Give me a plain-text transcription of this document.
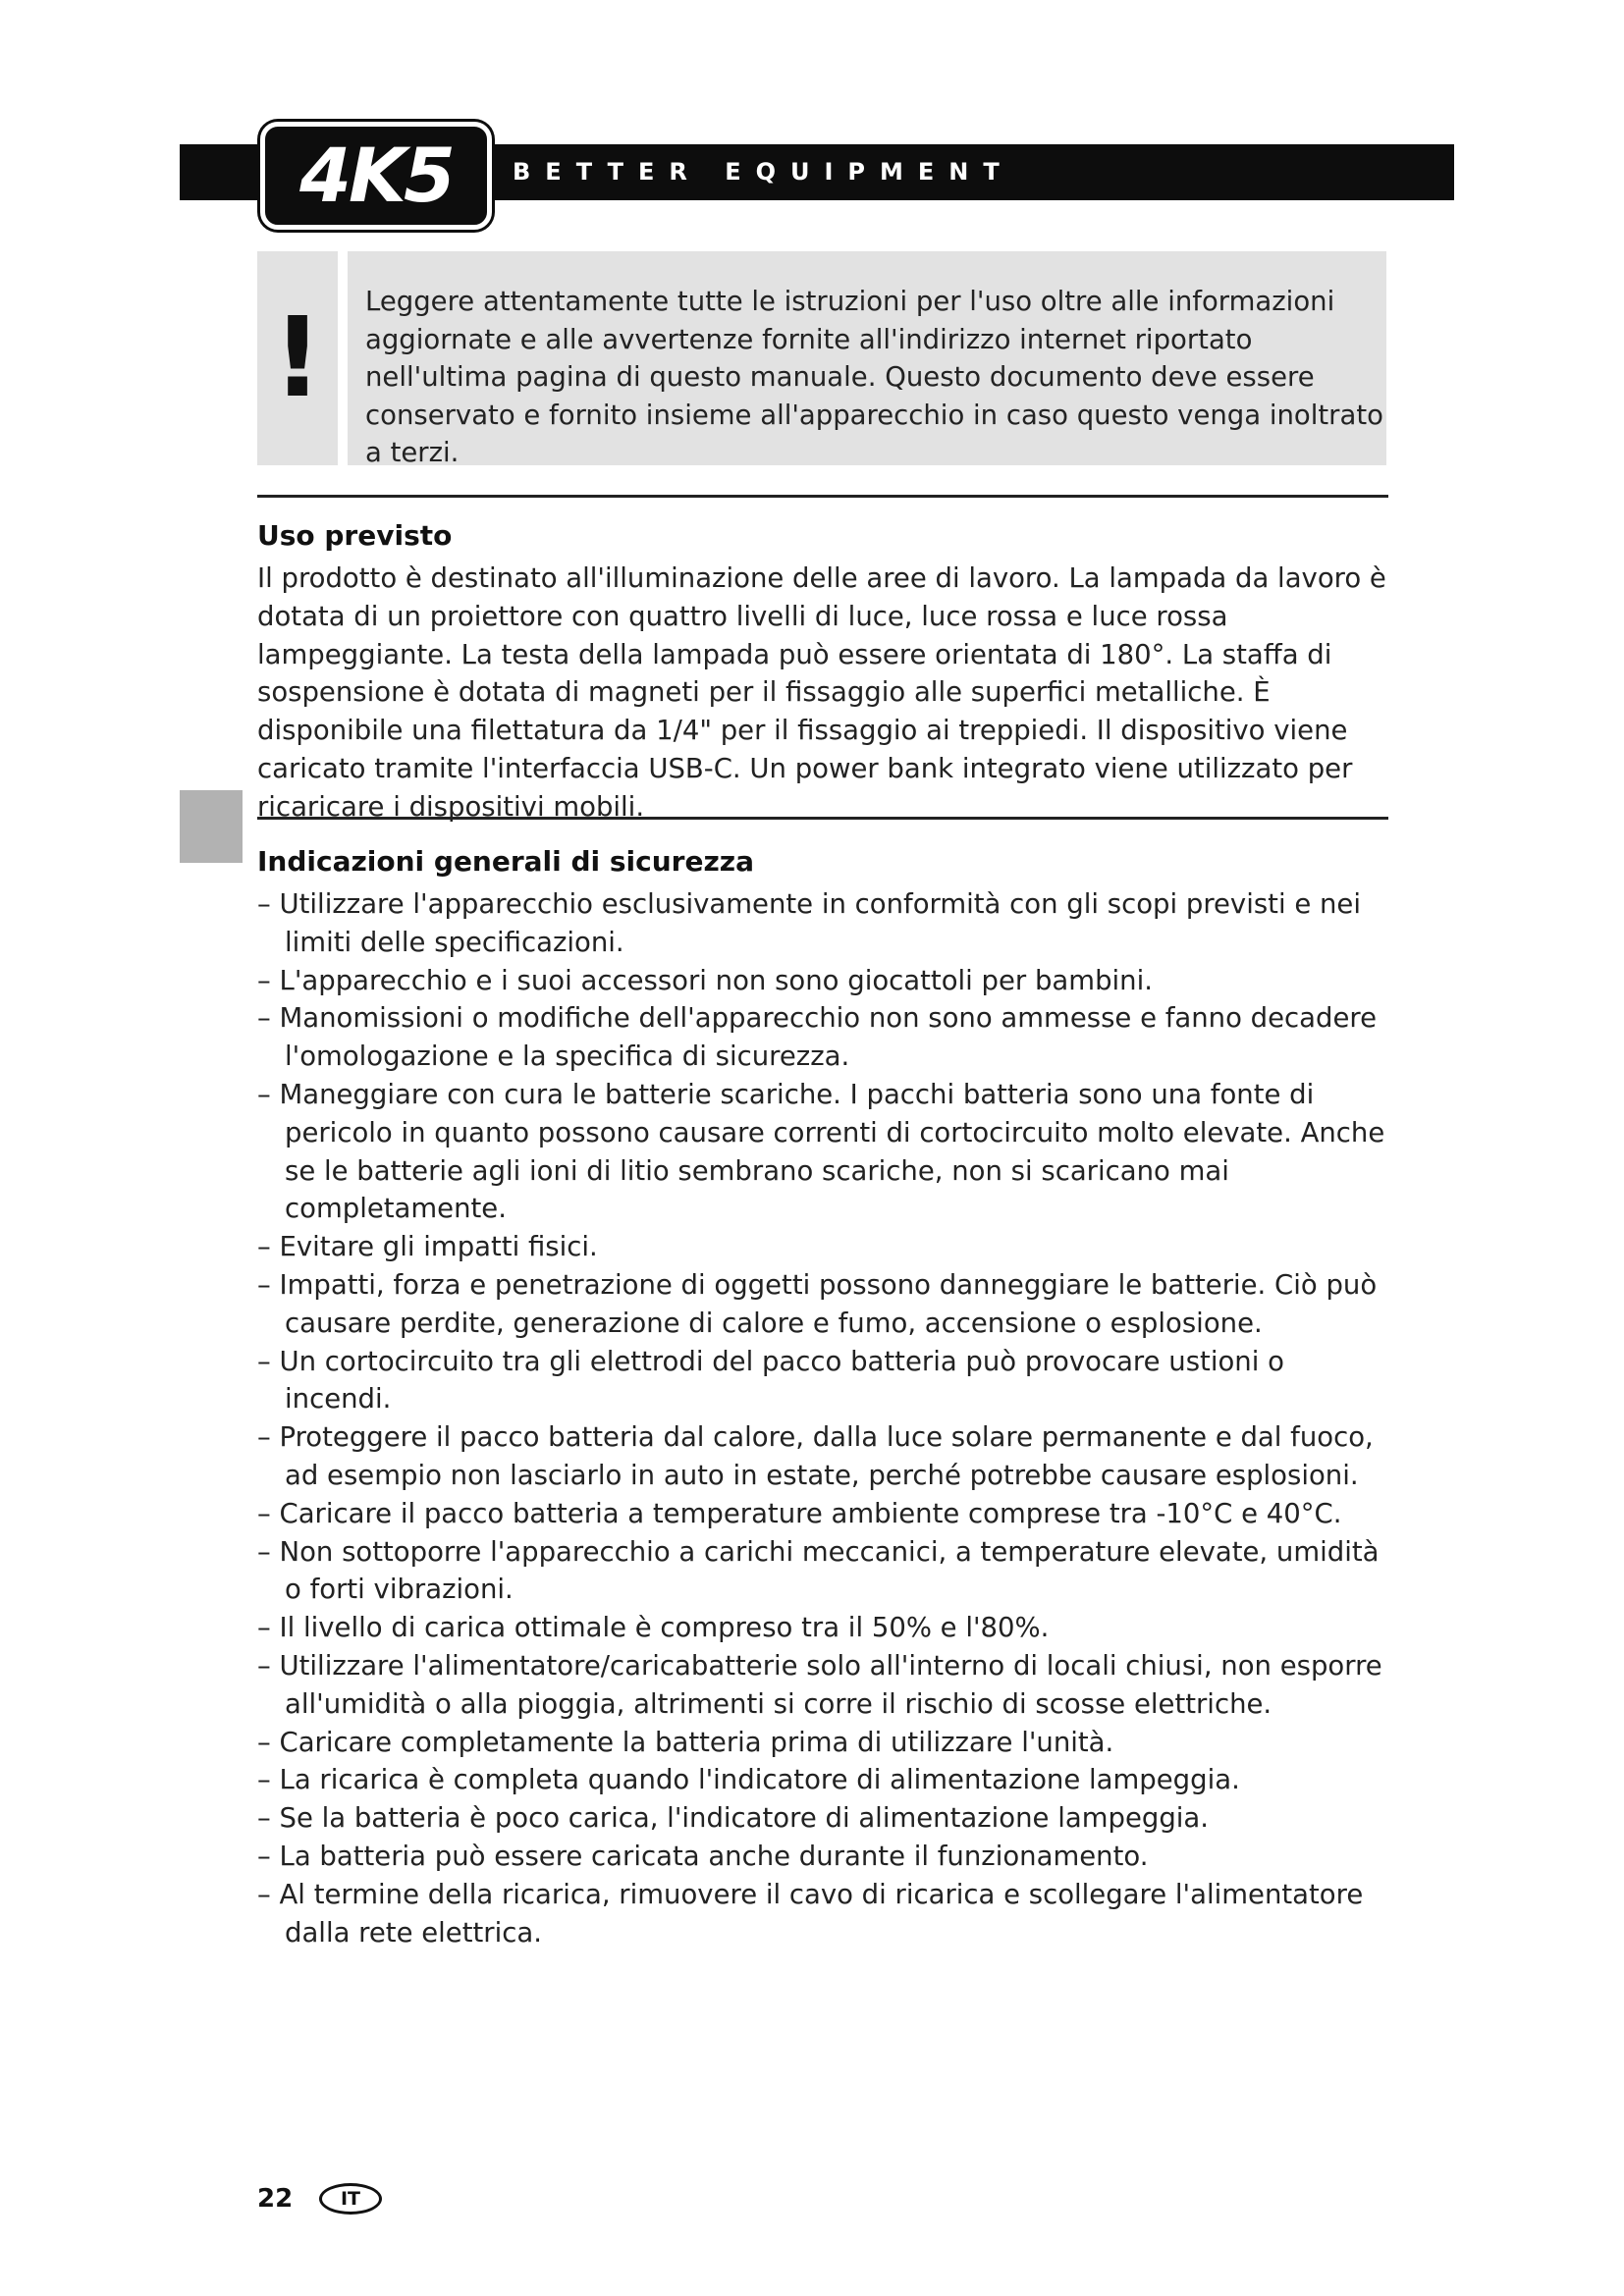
4K5	BETTER EQUIPMENT
! Leggere attentamente tutte le istruzioni per l'uso oltre alle informazioni aggiornate e alle avvertenze fornite all'indirizzo internet riportato nell'ultima pagina di questo manuale. Questo documento deve essere conservato e fornito insieme all'apparecchio in caso questo venga inoltrato a terzi.

Uso previsto

Il prodotto è destinato all'illuminazione delle aree di lavoro. La lampada da lavoro è dotata di un proiettore con quattro livelli di luce, luce rossa e luce rossa lampeggiante. La testa della lampada può essere orientata di 180°. La staffa di sospensione è dotata di magneti per il fissaggio alle superfici metalliche. È disponibile una filettatura da 1/4" per il fissaggio ai treppiedi. Il dispositivo viene caricato tramite l'interfaccia USB-C. Un power bank integrato viene utilizzato per ricaricare i dispositivi mobili.

Indicazioni generali di sicurezza
– Utilizzare l'apparecchio esclusivamente in conformità con gli scopi previsti e nei limiti delle specificazioni.
– L'apparecchio e i suoi accessori non sono giocattoli per bambini.
– Manomissioni o modifiche dell'apparecchio non sono ammesse e fanno decadere l'omologazione e la specifica di sicurezza.
– Maneggiare con cura le batterie scariche. I pacchi batteria sono una fonte di pericolo in quanto possono causare correnti di cortocircuito molto elevate. Anche se le batterie agli ioni di litio sembrano scariche, non si scaricano mai completamente.
– Evitare gli impatti fisici.
– Impatti, forza e penetrazione di oggetti possono danneggiare le batterie. Ciò può causare perdite, generazione di calore e fumo, accensione o esplosione.
– Un cortocircuito tra gli elettrodi del pacco batteria può provocare ustioni o incendi.
– Proteggere il pacco batteria dal calore, dalla luce solare permanente e dal fuoco, ad esempio non lasciarlo in auto in estate, perché potrebbe causare esplosioni.
– Caricare il pacco batteria a temperature ambiente comprese tra -10°C e 40°C.
– Non sottoporre l'apparecchio a carichi meccanici, a temperature elevate, umidità o forti vibrazioni.
– Il livello di carica ottimale è compreso tra il 50% e l'80%.
– Utilizzare l'alimentatore/caricabatterie solo all'interno di locali chiusi, non esporre all'umidità o alla pioggia, altrimenti si corre il rischio di scosse elettriche.
– Caricare completamente la batteria prima di utilizzare l'unità.
– La ricarica è completa quando l'indicatore di alimentazione lampeggia.
– Se la batteria è poco carica, l'indicatore di alimentazione lampeggia.
– La batteria può essere caricata anche durante il funzionamento.
– Al termine della ricarica, rimuovere il cavo di ricarica e scollegare l'alimentatore dalla rete elettrica.
22	IT
